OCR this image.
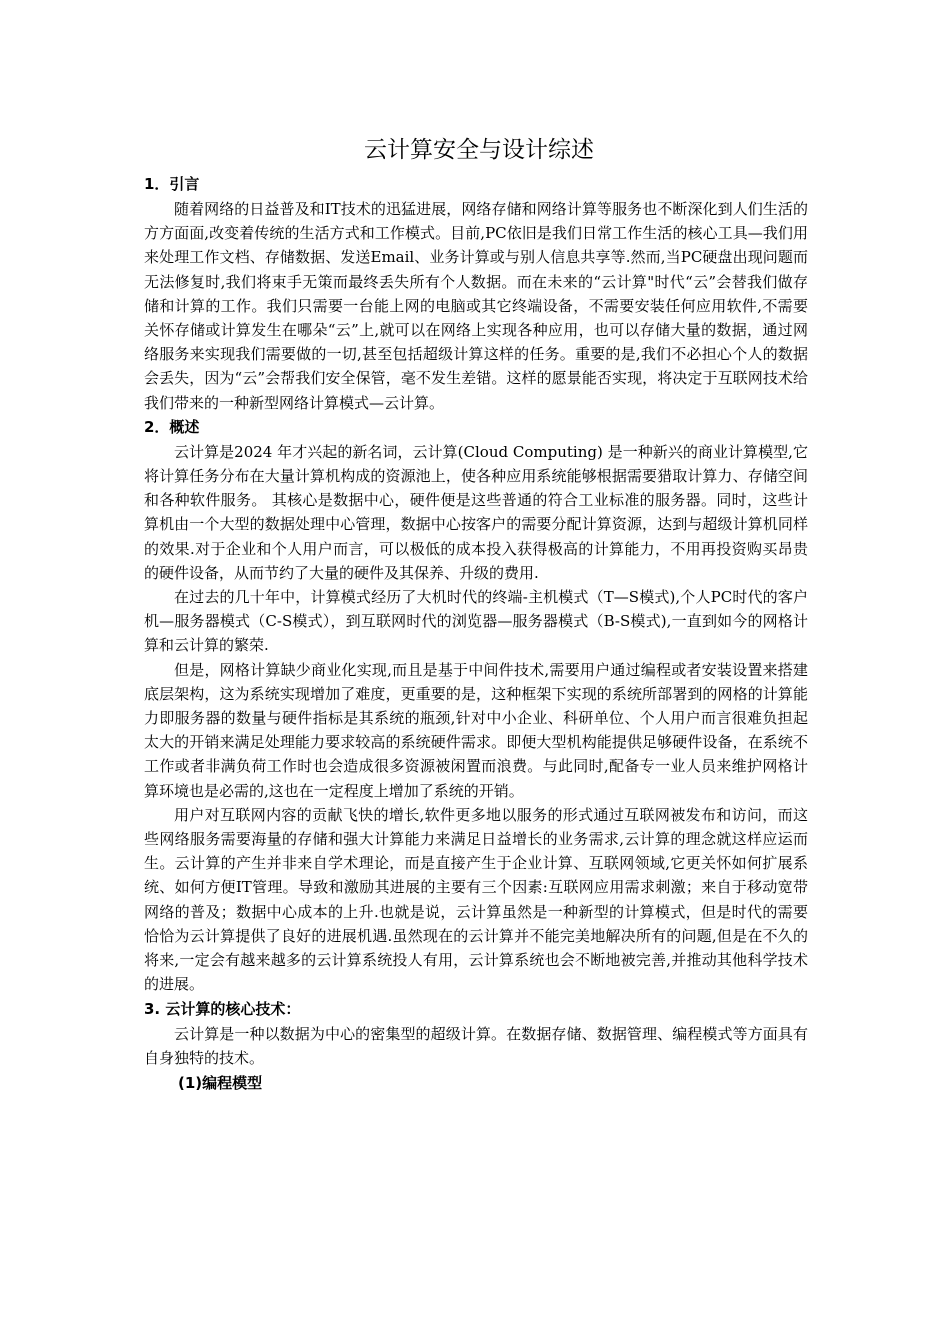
云计算安全与设计综述

1．引言

随着网络的日益普及和IT技术的迅猛进展，网络存储和网络计算等服务也不断深化到人们生活的方方面面,改变着传统的生活方式和工作模式。目前,PC依旧是我们日常工作生活的核心工具—我们用来处理工作文档、存储数据、发送Email、业务计算或与别人信息共享等.然而,当PC硬盘出现问题而无法修复时,我们将束手无策而最终丢失所有个人数据。而在未来的“云计算"时代“云”会替我们做存储和计算的工作。我们只需要一台能上网的电脑或其它终端设备，不需要安装任何应用软件,不需要关怀存储或计算发生在哪朵“云”上,就可以在网络上实现各种应用，也可以存储大量的数据，通过网络服务来实现我们需要做的一切,甚至包括超级计算这样的任务。重要的是,我们不必担心个人的数据会丢失，因为“云”会帮我们安全保管，毫不发生差错。这样的愿景能否实现，将决定于互联网技术给我们带来的一种新型网络计算模式—云计算。

2．概述

云计算是2024 年才兴起的新名词，云计算(Cloud Computing) 是一种新兴的商业计算模型,它将计算任务分布在大量计算机构成的资源池上，使各种应用系统能够根据需要猎取计算力、存储空间和各种软件服务。 其核心是数据中心，硬件便是这些普通的符合工业标准的服务器。同时，这些计算机由一个大型的数据处理中心管理，数据中心按客户的需要分配计算资源，达到与超级计算机同样的效果.对于企业和个人用户而言，可以极低的成本投入获得极高的计算能力，不用再投资购买昂贵的硬件设备，从而节约了大量的硬件及其保养、升级的费用.

在过去的几十年中，计算模式经历了大机时代的终端-主机模式（T—S模式),个人PC时代的客户机—服务器模式（C-S模式），到互联网时代的浏览器—服务器模式（B-S模式),一直到如今的网格计算和云计算的繁荣.

但是，网格计算缺少商业化实现,而且是基于中间件技术,需要用户通过编程或者安装设置来搭建底层架构，这为系统实现增加了难度，更重要的是，这种框架下实现的系统所部署到的网格的计算能力即服务器的数量与硬件指标是其系统的瓶颈,针对中小企业、科研单位、个人用户而言很难负担起太大的开销来满足处理能力要求较高的系统硬件需求。即便大型机构能提供足够硬件设备，在系统不工作或者非满负荷工作时也会造成很多资源被闲置而浪费。与此同时,配备专一业人员来维护网格计算环境也是必需的,这也在一定程度上增加了系统的开销。

用户对互联网内容的贡献飞快的增长,软件更多地以服务的形式通过互联网被发布和访问，而这些网络服务需要海量的存储和强大计算能力来满足日益增长的业务需求,云计算的理念就这样应运而生。云计算的产生并非来自学术理论，而是直接产生于企业计算、互联网领域,它更关怀如何扩展系统、如何方便IT管理。导致和激励其进展的主要有三个因素:互联网应用需求刺激；来自于移动宽带网络的普及；数据中心成本的上升.也就是说，云计算虽然是一种新型的计算模式，但是时代的需要恰恰为云计算提供了良好的进展机遇.虽然现在的云计算并不能完美地解决所有的问题,但是在不久的将来,一定会有越来越多的云计算系统投人有用，云计算系统也会不断地被完善,并推动其他科学技术的进展。

3. 云计算的核心技术：

云计算是一种以数据为中心的密集型的超级计算。在数据存储、数据管理、编程模式等方面具有自身独特的技术。

(1)编程模型
